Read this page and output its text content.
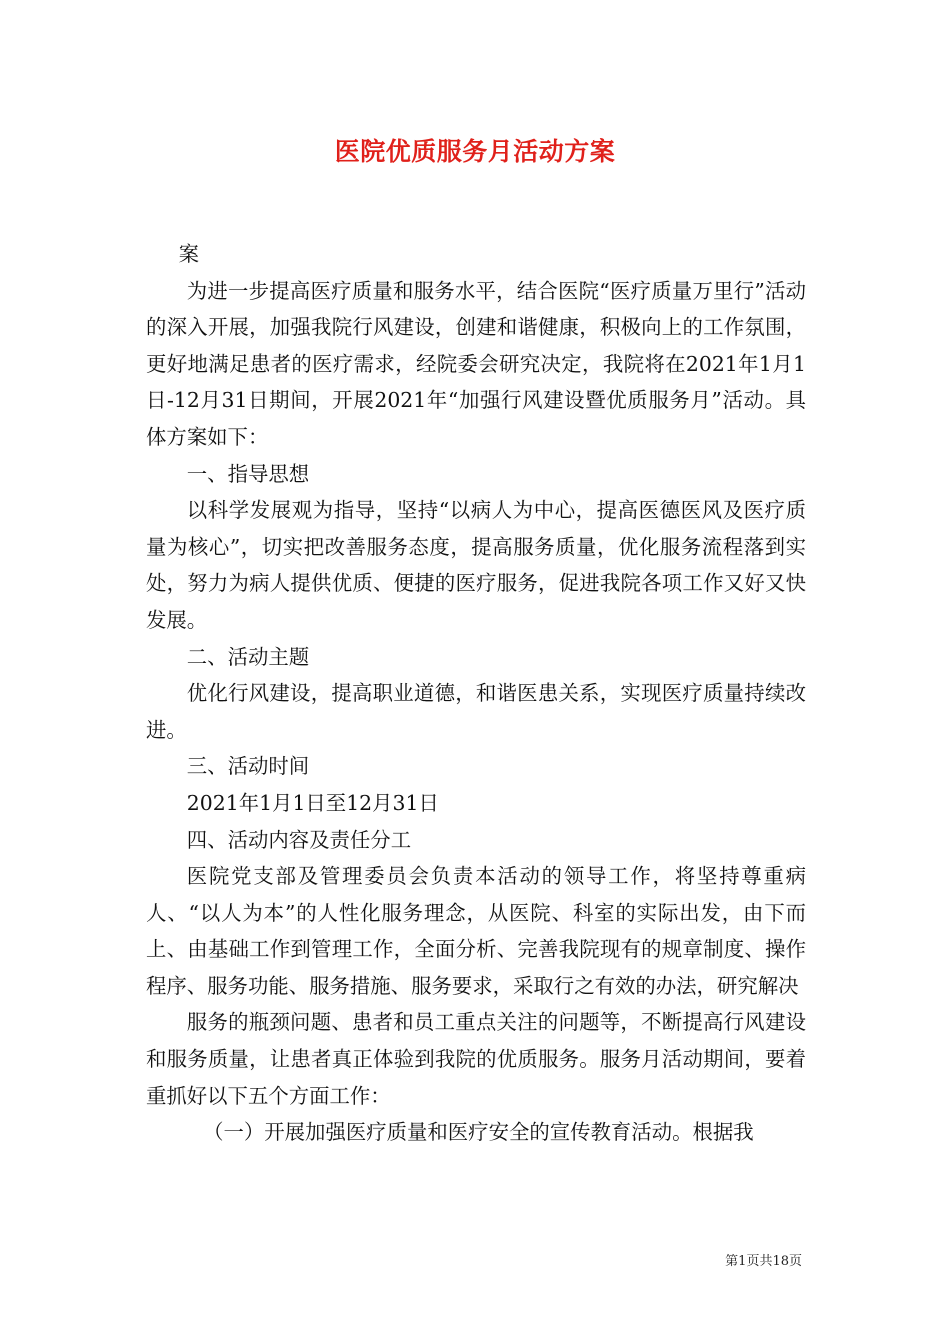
医院优质服务月活动方案

案

为进一步提高医疗质量和服务水平，结合医院“医疗质量万里行”活动的深入开展，加强我院行风建设，创建和谐健康，积极向上的工作氛围，更好地满足患者的医疗需求，经院委会研究决定，我院将在2021年1月1日-12月31日期间，开展2021年“加强行风建设暨优质服务月”活动。具体方案如下：

一、指导思想

以科学发展观为指导，坚持“以病人为中心，提高医德医风及医疗质量为核心”，切实把改善服务态度，提高服务质量，优化服务流程落到实处，努力为病人提供优质、便捷的医疗服务，促进我院各项工作又好又快发展。

二、活动主题

优化行风建设，提高职业道德，和谐医患关系，实现医疗质量持续改进。

三、活动时间

2021年1月1日至12月31日

四、活动内容及责任分工

医院党支部及管理委员会负责本活动的领导工作，将坚持尊重病人、“以人为本”的人性化服务理念，从医院、科室的实际出发，由下而上、由基础工作到管理工作，全面分析、完善我院现有的规章制度、操作程序、服务功能、服务措施、服务要求，采取行之有效的办法，研究解决

服务的瓶颈问题、患者和员工重点关注的问题等，不断提高行风建设和服务质量，让患者真正体验到我院的优质服务。服务月活动期间，要着重抓好以下五个方面工作：

（一）开展加强医疗质量和医疗安全的宣传教育活动。根据我

第1页共18页
